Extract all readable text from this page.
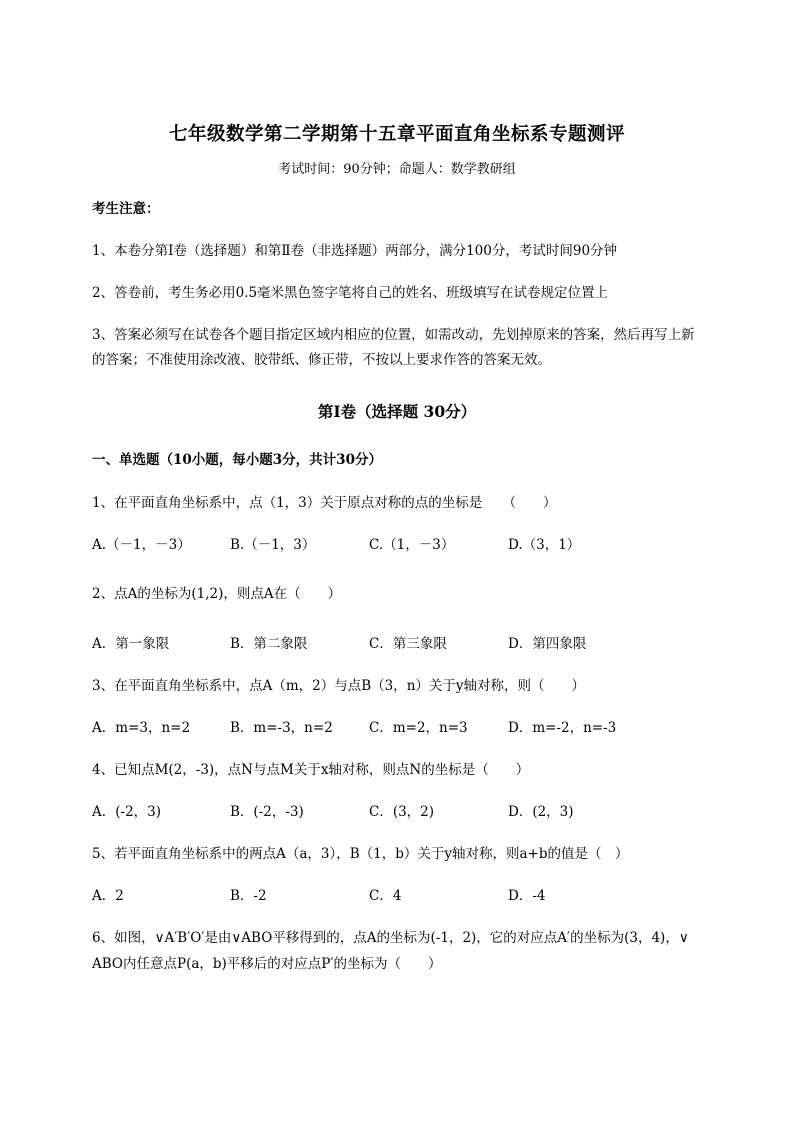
七年级数学第二学期第十五章平面直角坐标系专题测评
考试时间：90分钟；命题人：数学教研组
考生注意：
1、本卷分第I卷（选择题）和第Ⅱ卷（非选择题）两部分，满分100分，考试时间90分钟
2、答卷前，考生务必用0.5毫米黑色签字笔将自己的姓名、班级填写在试卷规定位置上
3、答案必须写在试卷各个题目指定区域内相应的位置，如需改动，先划掉原来的答案，然后再写上新
的答案；不准使用涂改液、胶带纸、修正带，不按以上要求作答的答案无效。
第I卷（选择题 30分）
一、单选题（10小题，每小题3分，共计30分）
1、在平面直角坐标系中，点（1，3）关于原点对称的点的坐标是　　（　　）
A.（－1，－3）	B.（－1，3）	C.（1，－3）	D.（3，1）
2、点A的坐标为(1,2)，则点A在（　　）
A．第一象限	B．第二象限	C．第三象限	D．第四象限
3、在平面直角坐标系中，点A（m，2）与点B（3，n）关于y轴对称，则（　　）
A．m=3，n=2	B．m=-3，n=2	C．m=2，n=3	D．m=-2，n=-3
4、已知点M(2，-3)，点N与点M关于x轴对称，则点N的坐标是（　　）
A．(-2，3)	B．(-2，-3)	C．(3，2)	D．(2，3)
5、若平面直角坐标系中的两点A（a，3），B（1，b）关于y轴对称，则a+b的值是（　）
A．2	B．-2	C．4	D．-4
6、如图，∨A′B′O′是由∨ABO平移得到的，点A的坐标为(-1，2)，它的对应点A′的坐标为(3，4)，∨
ABO内任意点P(a，b)平移后的对应点P′的坐标为（　　）
